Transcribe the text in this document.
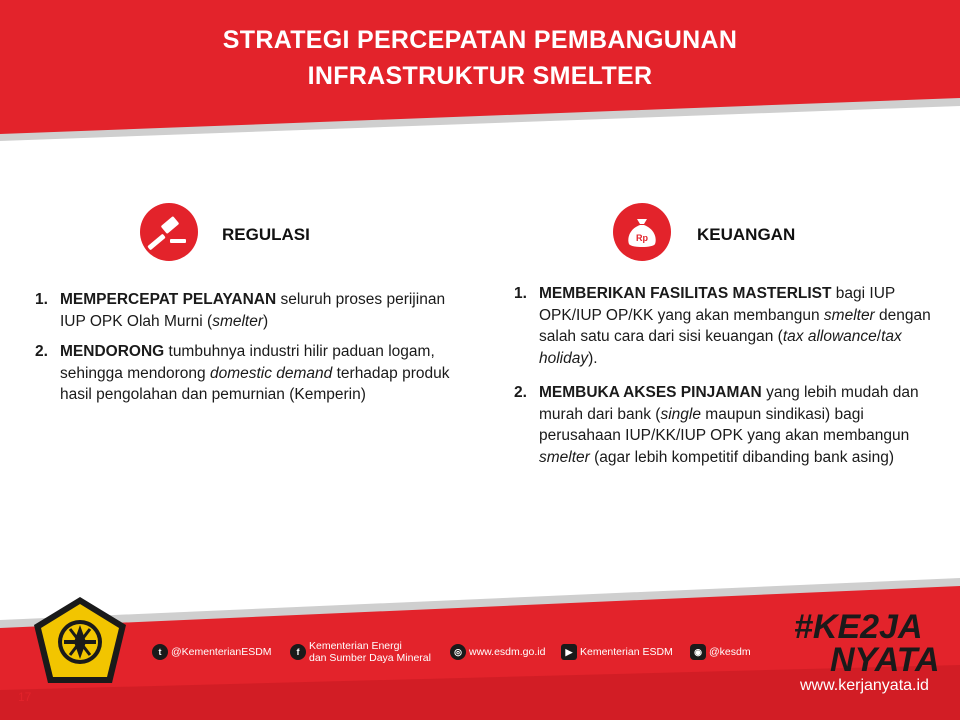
STRATEGI PERCEPATAN PEMBANGUNAN
INFRASTRUKTUR SMELTER
REGULASI
1. MEMPERCEPAT PELAYANAN seluruh proses perijinan IUP OPK Olah Murni (smelter)
2. MENDORONG tumbuhnya industri hilir paduan logam, sehingga mendorong domestic demand terhadap produk hasil pengolahan dan pemurnian (Kemperin)
Rp	KEUANGAN
1. MEMBERIKAN FASILITAS MASTERLIST bagi IUP OPK/IUP OP/KK yang akan membangun smelter dengan salah satu cara dari sisi keuangan (tax allowance/tax holiday).
2. MEMBUKA AKSES PINJAMAN yang lebih mudah dan murah dari bank (single maupun sindikasi) bagi perusahaan IUP/KK/IUP OPK yang akan membangun smelter (agar lebih kompetitif dibanding bank asing)
t @KementerianESDM	f Kementerian Energi
dan Sumber Daya Mineral
◎ www.esdm.go.id	▶ Kementerian ESDM	◉ @kesdm
#KE2JA
NYATA
www.kerjanyata.id
17
